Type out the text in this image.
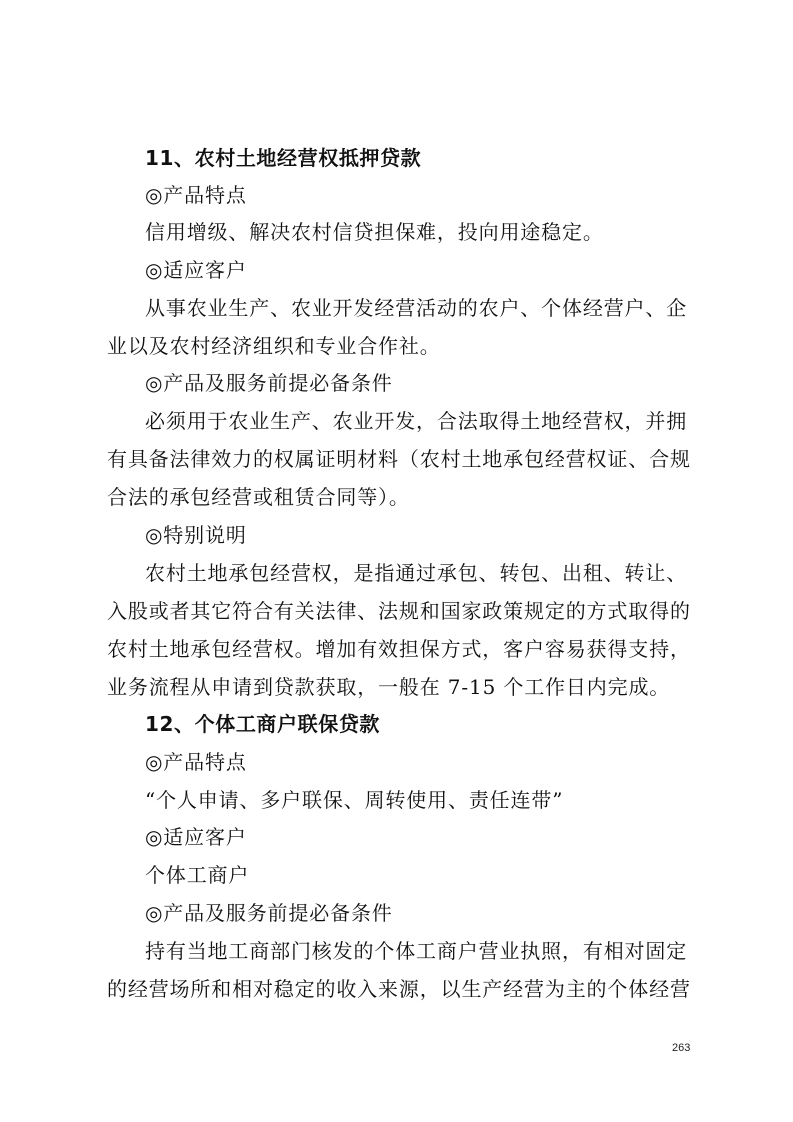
11、农村土地经营权抵押贷款
◎产品特点
信用增级、解决农村信贷担保难，投向用途稳定。
◎适应客户
从事农业生产、农业开发经营活动的农户、个体经营户、企
业以及农村经济组织和专业合作社。
◎产品及服务前提必备条件
必须用于农业生产、农业开发，合法取得土地经营权，并拥
有具备法律效力的权属证明材料（农村土地承包经营权证、合规
合法的承包经营或租赁合同等）。
◎特别说明
农村土地承包经营权，是指通过承包、转包、出租、转让、
入股或者其它符合有关法律、法规和国家政策规定的方式取得的
农村土地承包经营权。增加有效担保方式，客户容易获得支持，
业务流程从申请到贷款获取，一般在 7-15 个工作日内完成。
12、个体工商户联保贷款
◎产品特点
“个人申请、多户联保、周转使用、责任连带”
◎适应客户
个体工商户
◎产品及服务前提必备条件
持有当地工商部门核发的个体工商户营业执照，有相对固定
的经营场所和相对稳定的收入来源，以生产经营为主的个体经营
263
